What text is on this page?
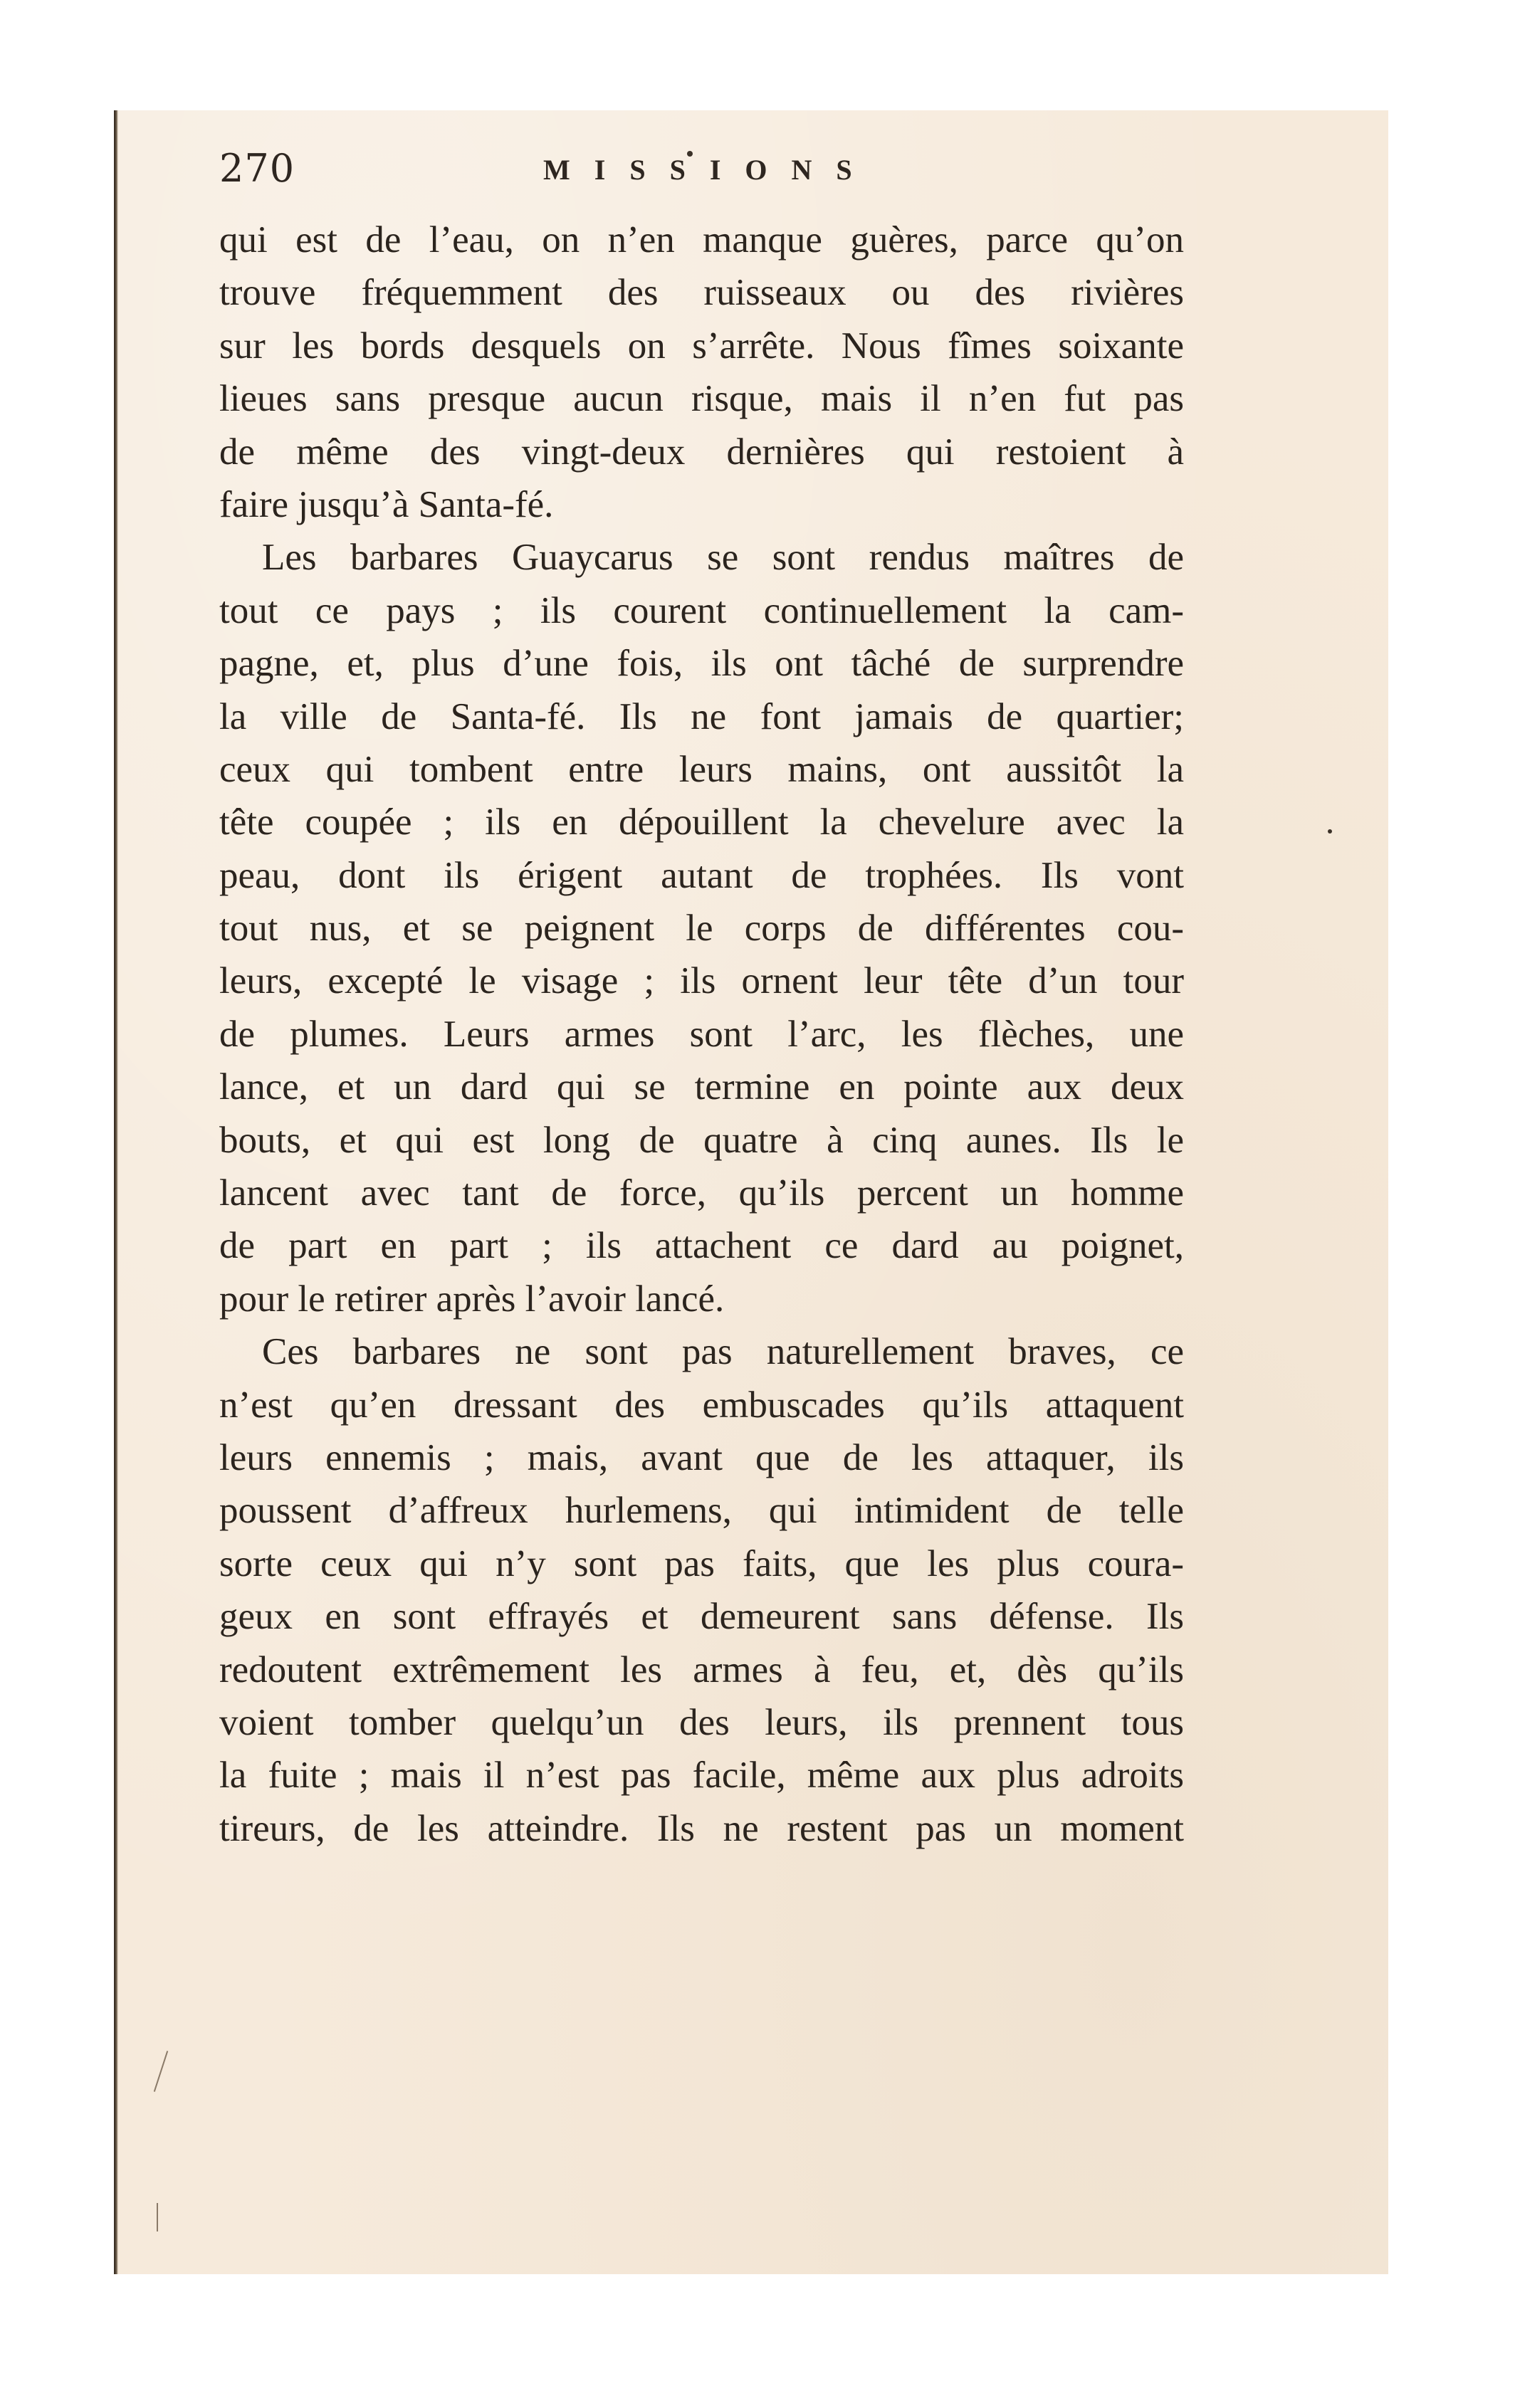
270	MISSIONS
qui est de l’eau, on n’en manque guères, parce qu’on
trouve fréquemment des ruisseaux ou des rivières
sur les bords desquels on s’arrête. Nous fîmes soixante
lieues sans presque aucun risque, mais il n’en fut pas
de même des vingt-deux dernières qui restoient à
faire jusqu’à Santa-fé.
Les barbares Guaycarus se sont rendus maîtres de
tout ce pays ; ils courent continuellement la cam-
pagne, et, plus d’une fois, ils ont tâché de surprendre
la ville de Santa-fé. Ils ne font jamais de quartier;
ceux qui tombent entre leurs mains, ont aussitôt la
tête coupée ; ils en dépouillent la chevelure avec la
peau, dont ils érigent autant de trophées. Ils vont
tout nus, et se peignent le corps de différentes cou-
leurs, excepté le visage ; ils ornent leur tête d’un tour
de plumes. Leurs armes sont l’arc, les flèches, une
lance, et un dard qui se termine en pointe aux deux
bouts, et qui est long de quatre à cinq aunes. Ils le
lancent avec tant de force, qu’ils percent un homme
de part en part ; ils attachent ce dard au poignet,
pour le retirer après l’avoir lancé.
Ces barbares ne sont pas naturellement braves, ce
n’est qu’en dressant des embuscades qu’ils attaquent
leurs ennemis ; mais, avant que de les attaquer, ils
poussent d’affreux hurlemens, qui intimident de telle
sorte ceux qui n’y sont pas faits, que les plus coura-
geux en sont effrayés et demeurent sans défense. Ils
redoutent extrêmement les armes à feu, et, dès qu’ils
voient tomber quelqu’un des leurs, ils prennent tous
la fuite ; mais il n’est pas facile, même aux plus adroits
tireurs, de les atteindre. Ils ne restent pas un moment
